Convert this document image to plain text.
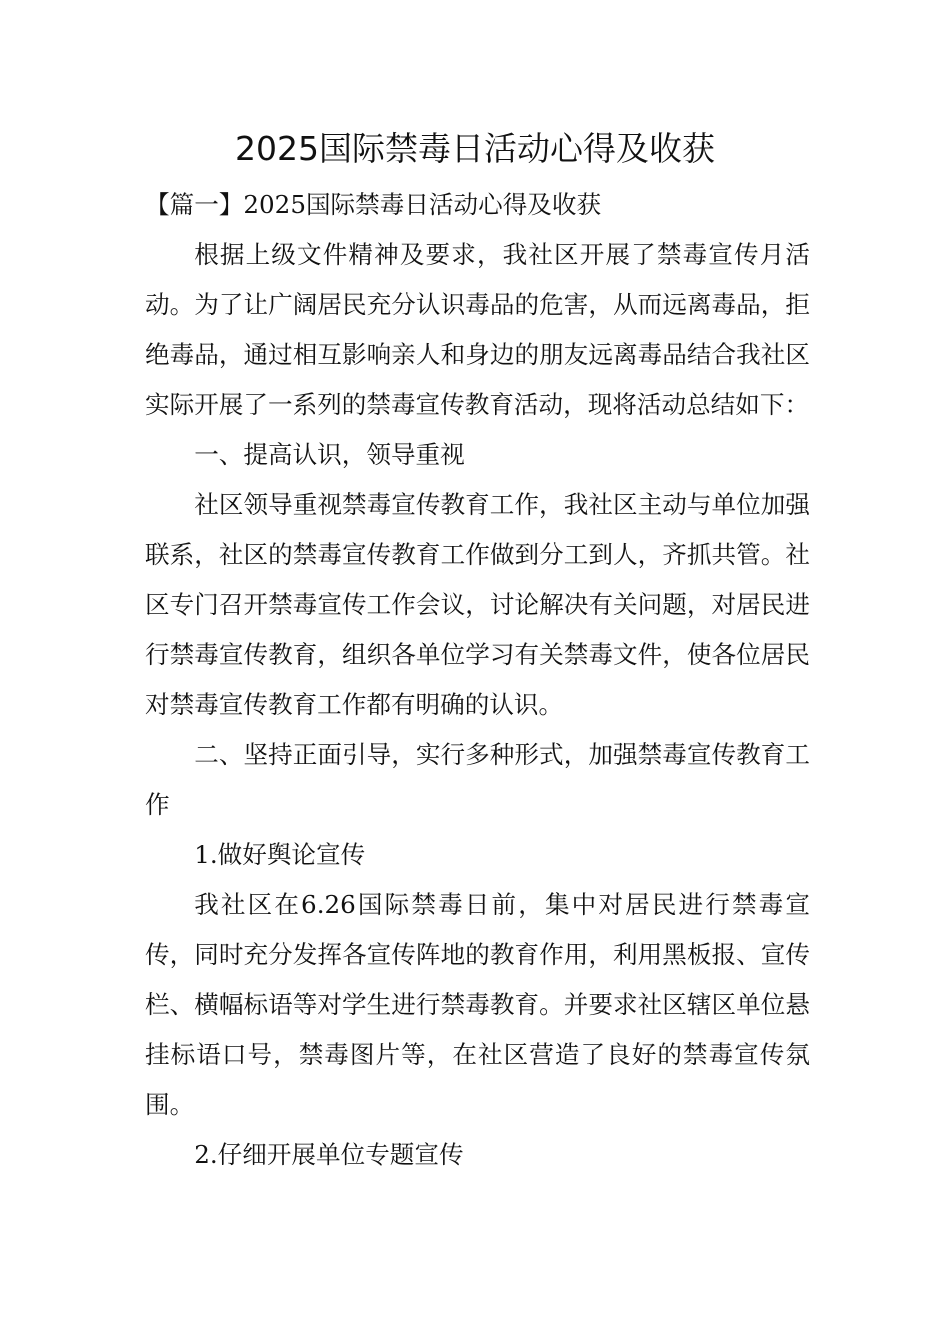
2025国际禁毒日活动心得及收获

【篇一】2025国际禁毒日活动心得及收获

根据上级文件精神及要求，我社区开展了禁毒宣传月活动。为了让广阔居民充分认识毒品的危害，从而远离毒品，拒绝毒品，通过相互影响亲人和身边的朋友远离毒品结合我社区实际开展了一系列的禁毒宣传教育活动，现将活动总结如下：

一、提高认识，领导重视

社区领导重视禁毒宣传教育工作，我社区主动与单位加强联系，社区的禁毒宣传教育工作做到分工到人，齐抓共管。社区专门召开禁毒宣传工作会议，讨论解决有关问题，对居民进行禁毒宣传教育，组织各单位学习有关禁毒文件，使各位居民对禁毒宣传教育工作都有明确的认识。

二、坚持正面引导，实行多种形式，加强禁毒宣传教育工作

1.做好舆论宣传

我社区在6.26国际禁毒日前，集中对居民进行禁毒宣传，同时充分发挥各宣传阵地的教育作用，利用黑板报、宣传栏、横幅标语等对学生进行禁毒教育。并要求社区辖区单位悬挂标语口号，禁毒图片等，在社区营造了良好的禁毒宣传氛围。

2.仔细开展单位专题宣传
